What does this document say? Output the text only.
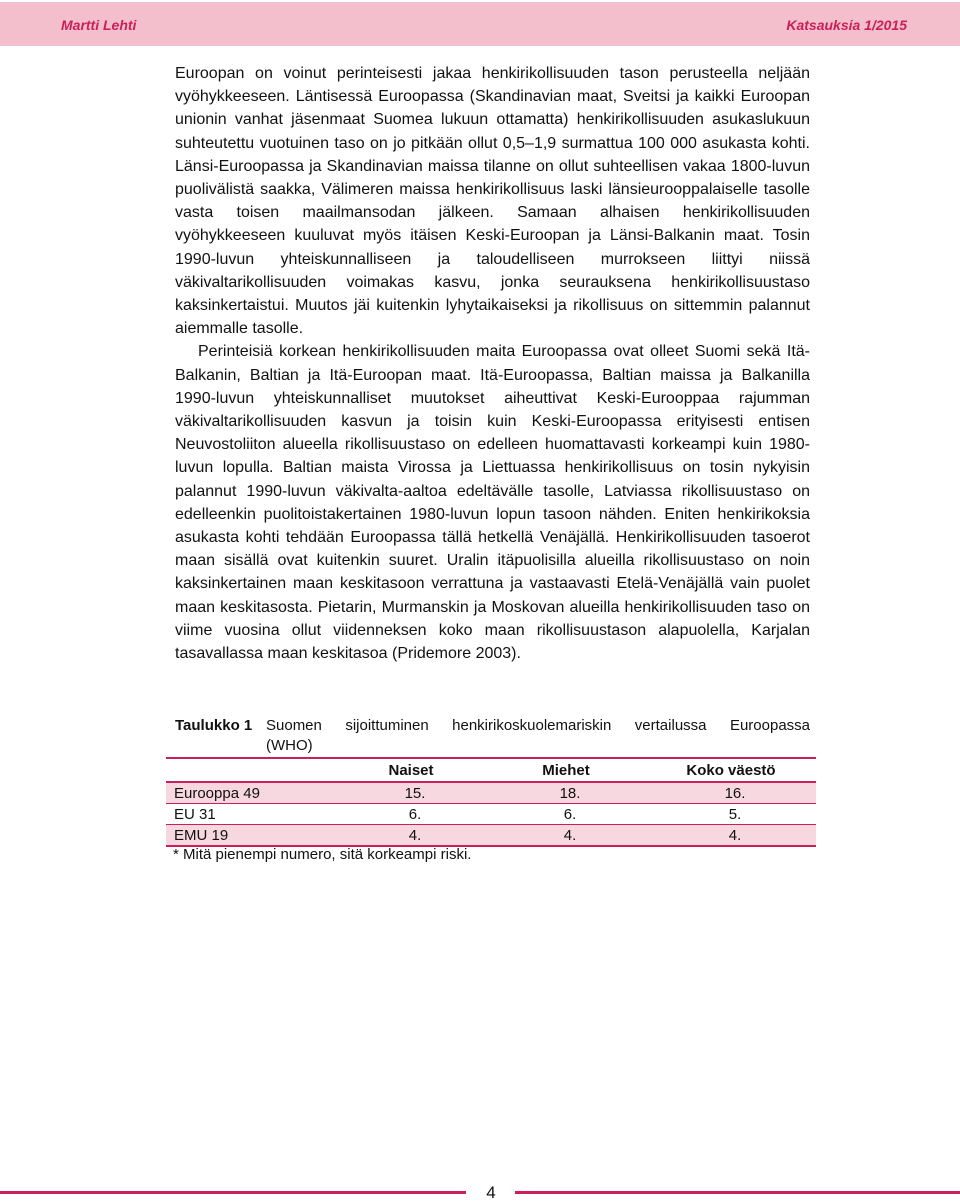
Martti Lehti	Katsauksia 1/2015

Euroopan on voinut perinteisesti jakaa henkirikollisuuden tason perusteella neljään vyöhykkeeseen. Läntisessä Euroopassa (Skandinavian maat, Sveitsi ja kaikki Euroopan unionin vanhat jäsenmaat Suomea lukuun ottamatta) henkirikollisuuden asukaslukuun suhteutettu vuotuinen taso on jo pitkään ollut 0,5–1,9 surmattua 100 000 asukasta kohti. Länsi-Euroopassa ja Skandinavian maissa tilanne on ollut suhteellisen vakaa 1800-luvun puolivälistä saakka, Välimeren maissa henkirikollisuus laski länsieurooppalaiselle tasolle vasta toisen maailmansodan jälkeen. Samaan alhaisen henkirikollisuuden vyöhykkeeseen kuuluvat myös itäisen Keski-Euroopan ja Länsi-Balkanin maat. Tosin 1990-luvun yhteiskunnalliseen ja taloudelliseen murrokseen liittyi niissä väkivaltarikollisuuden voimakas kasvu, jonka seurauksena henkirikollisuustaso kaksinkertaistui. Muutos jäi kuitenkin lyhytaikaiseksi ja rikollisuus on sittemmin palannut aiemmalle tasolle.

Perinteisiä korkean henkirikollisuuden maita Euroopassa ovat olleet Suomi sekä Itä-Balkanin, Baltian ja Itä-Euroopan maat. Itä-Euroopassa, Baltian maissa ja Balkanilla 1990-luvun yhteiskunnalliset muutokset aiheuttivat Keski-Eurooppaa rajumman väkivaltarikollisuuden kasvun ja toisin kuin Keski-Euroopassa erityisesti entisen Neuvostoliiton alueella rikollisuustaso on edelleen huomattavasti korkeampi kuin 1980-luvun lopulla. Baltian maista Virossa ja Liettuassa henkirikollisuus on tosin nykyisin palannut 1990-luvun väkivalta-aaltoa edeltävälle tasolle, Latviassa rikollisuustaso on edelleenkin puolitoistakertainen 1980-luvun lopun tasoon nähden. Eniten henkirikoksia asukasta kohti tehdään Euroopassa tällä hetkellä Venäjällä. Henkirikollisuuden tasoerot maan sisällä ovat kuitenkin suuret. Uralin itäpuolisilla alueilla rikollisuustaso on noin kaksinkertainen maan keskitasoon verrattuna ja vastaavasti Etelä-Venäjällä vain puolet maan keskitasosta. Pietarin, Murmanskin ja Moskovan alueilla henkirikollisuuden taso on viime vuosina ollut viidenneksen koko maan rikollisuustason alapuolella, Karjalan tasavallassa maan keskitasoa (Pridemore 2003).

Taulukko 1 Suomen sijoittuminen henkirikoskuolemariskin vertailussa Euroopassa
(WHO)
	Naiset	Miehet	Koko väestö
Eurooppa 49	15.	18.	16.
EU 31	6.	6.	5.
EMU 19	4.	4.	4.
* Mitä pienempi numero, sitä korkeampi riski.
4
